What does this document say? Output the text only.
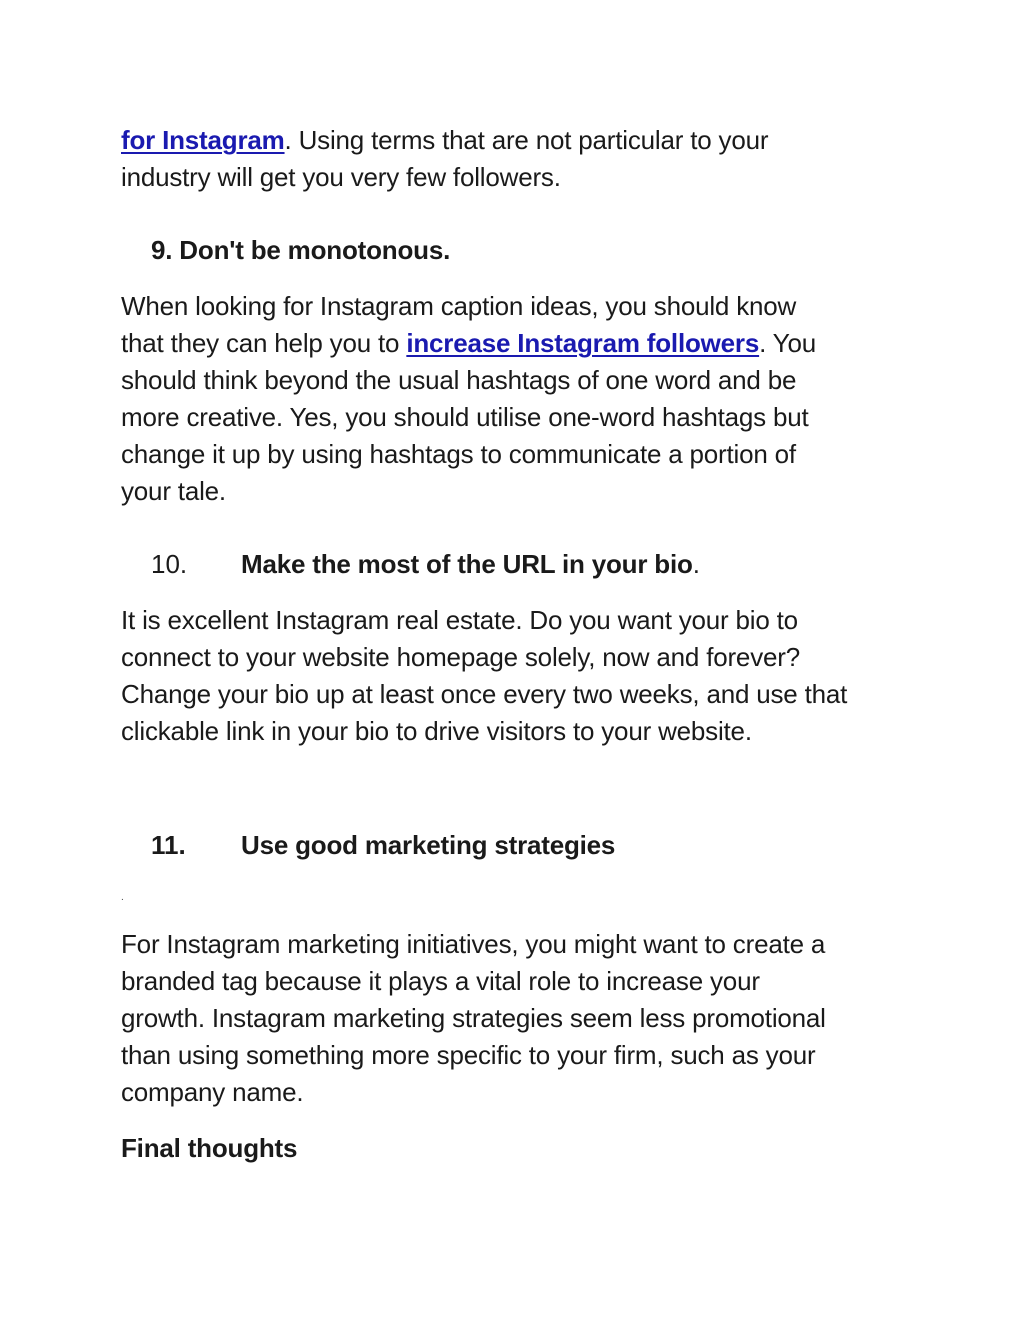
for Instagram. Using terms that are not particular to your
industry will get you very few followers.

9. Don't be monotonous.

When looking for Instagram caption ideas, you should know
that they can help you to increase Instagram followers. You
should think beyond the usual hashtags of one word and be
more creative. Yes, you should utilise one-word hashtags but
change it up by using hashtags to communicate a portion of
your tale.

10. Make the most of the URL in your bio.

It is excellent Instagram real estate. Do you want your bio to
connect to your website homepage solely, now and forever?
Change your bio up at least once every two weeks, and use that
clickable link in your bio to drive visitors to your website.

11. Use good marketing strategies
.

For Instagram marketing initiatives, you might want to create a
branded tag because it plays a vital role to increase your
growth. Instagram marketing strategies seem less promotional
than using something more specific to your firm, such as your
company name.

Final thoughts
